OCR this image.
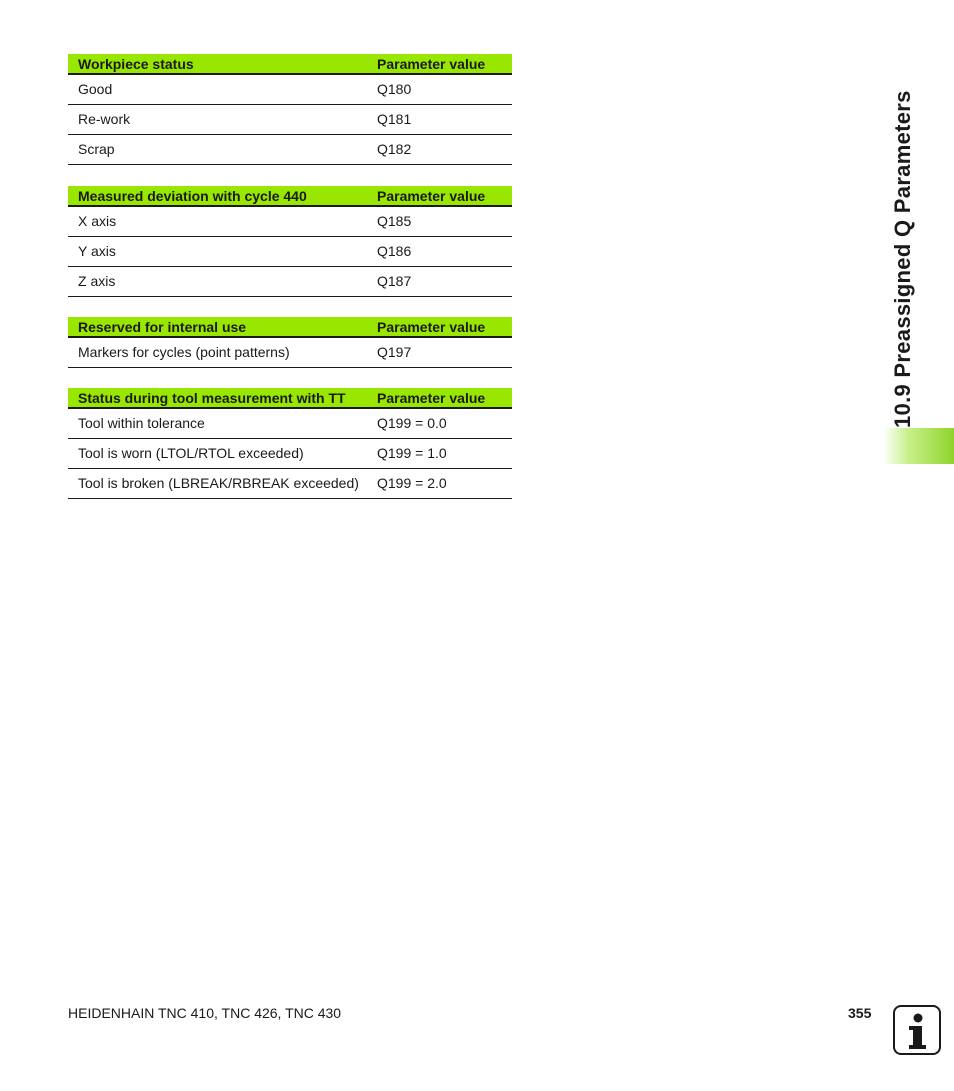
Workpiece status	Parameter value
Good	Q180
Re-work	Q181
Scrap	Q182
Measured deviation with cycle 440	Parameter value
X axis	Q185
Y axis	Q186
Z axis	Q187
Reserved for internal use	Parameter value
Markers for cycles (point patterns)	Q197
Status during tool measurement with TT Parameter value
Tool within tolerance	Q199 = 0.0
Tool is worn (LTOL/RTOL exceeded)	Q199 = 1.0
Tool is broken (LBREAK/RBREAK exceeded) Q199 = 2.0
10.9 Preassigned Q Parameters
HEIDENHAIN TNC 410, TNC 426, TNC 430	355
